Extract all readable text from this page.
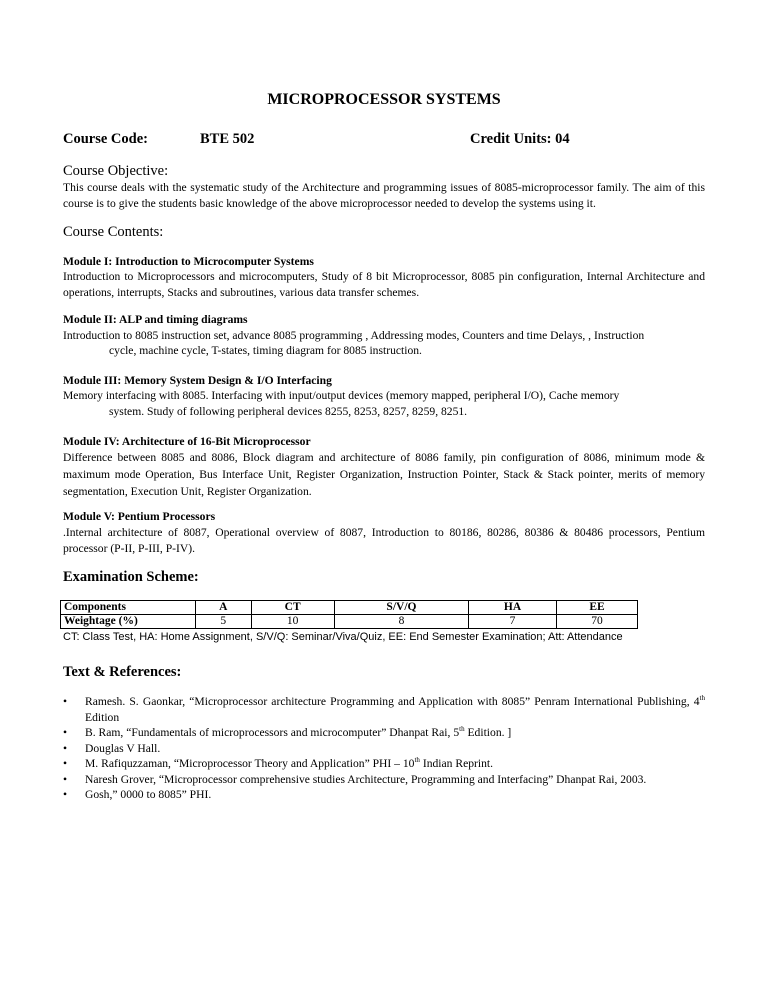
MICROPROCESSOR SYSTEMS
Course Code:	BTE 502	Credit Units: 04
Course Objective:
This course deals with the systematic study of the Architecture and programming issues of 8085-microprocessor family. The aim of this course is to give the students basic knowledge of the above microprocessor needed to develop the systems using it.
Course Contents:
Module I: Introduction to Microcomputer Systems
Introduction to Microprocessors and microcomputers, Study of 8 bit Microprocessor, 8085 pin configuration, Internal Architecture and operations, interrupts, Stacks and subroutines, various data transfer schemes.
Module II: ALP and timing diagrams
Introduction to 8085 instruction set, advance 8085 programming , Addressing modes, Counters and time Delays, , Instruction
cycle, machine cycle, T-states, timing diagram for 8085 instruction.
Module III: Memory System Design & I/O Interfacing
Memory interfacing with 8085. Interfacing with input/output devices (memory mapped, peripheral I/O), Cache memory
system. Study of following peripheral devices 8255, 8253, 8257, 8259, 8251.
Module IV: Architecture of 16-Bit Microprocessor
Difference between 8085 and 8086, Block diagram and architecture of 8086 family, pin configuration of 8086, minimum mode & maximum mode Operation, Bus Interface Unit, Register Organization, Instruction Pointer, Stack & Stack pointer, merits of memory segmentation, Execution Unit, Register Organization.
Module V: Pentium Processors
.Internal architecture of 8087, Operational overview of 8087, Introduction to 80186, 80286, 80386 & 80486 processors, Pentium processor (P-II, P-III, P-IV).
Examination Scheme:
Components	A	CT	S/V/Q	HA	EE
Weightage (%)	5	10	8	7	70
CT: Class Test, HA: Home Assignment, S/V/Q: Seminar/Viva/Quiz, EE: End Semester Examination; Att: Attendance
Text & References:
• Ramesh. S. Gaonkar, “Microprocessor architecture Programming and Application with 8085” Penram International Publishing, 4th Edition
• B. Ram, “Fundamentals of microprocessors and microcomputer” Dhanpat Rai, 5th Edition. ]
• Douglas V Hall.
• M. Rafiquzzaman, “Microprocessor Theory and Application” PHI – 10th Indian Reprint.
• Naresh Grover, “Microprocessor comprehensive studies Architecture, Programming and Interfacing” Dhanpat Rai, 2003.
• Gosh,” 0000 to 8085” PHI.
